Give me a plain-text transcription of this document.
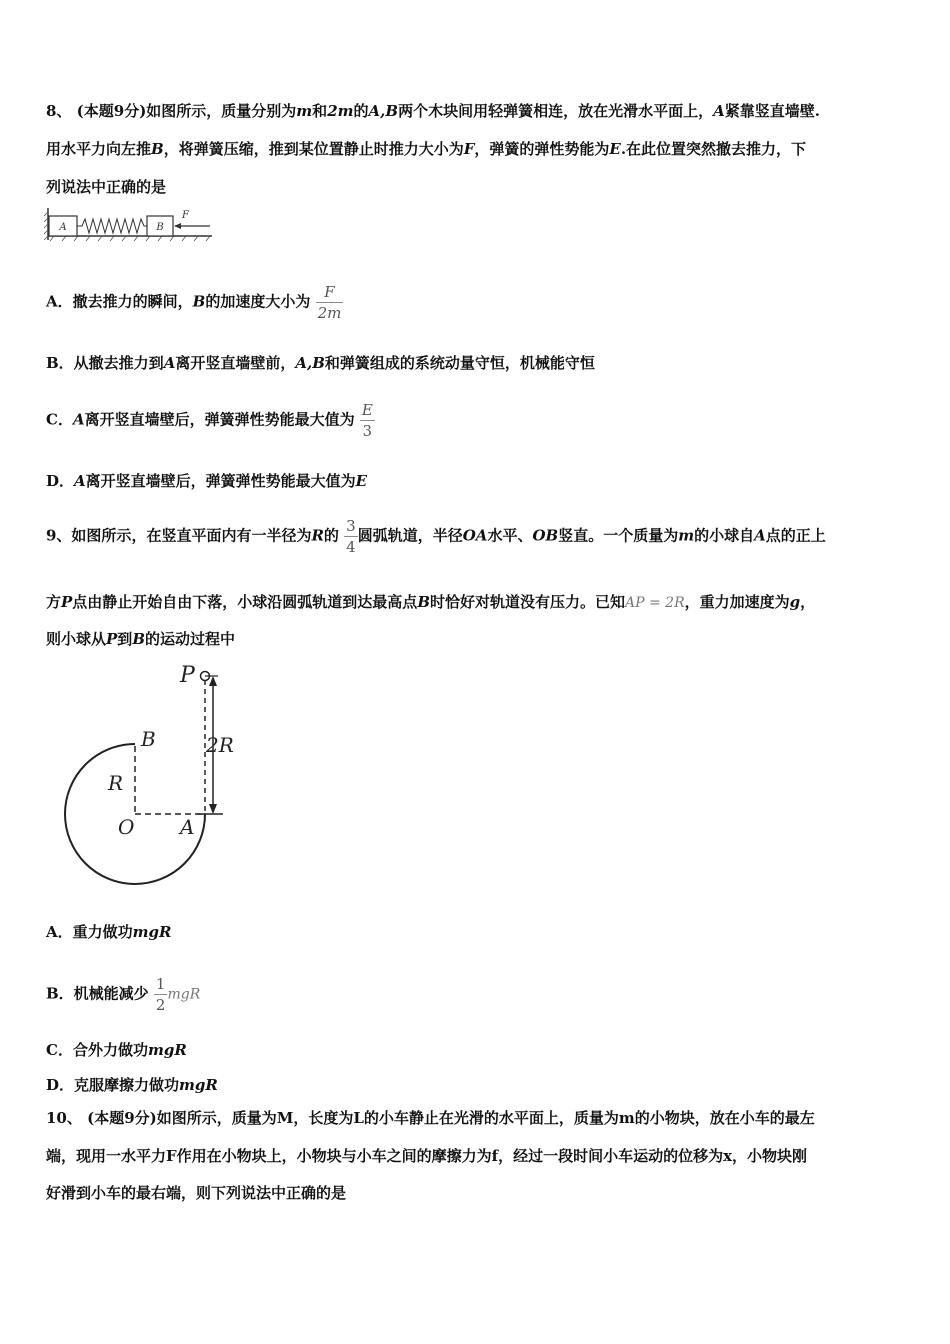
8、 (本题9分)如图所示，质量分别为m和2m的A,B两个木块间用轻弹簧相连，放在光滑水平面上，A紧靠竖直墙壁.
用水平力向左推B，将弹簧压缩，推到某位置静止时推力大小为F，弹簧的弹性势能为E.在此位置突然撤去推力，下
列说法中正确的是
A	B
F
A．撤去推力的瞬间，B的加速度大小为 $\frac{F}{2m}$
B．从撤去推力到A离开竖直墙壁前，A,B和弹簧组成的系统动量守恒，机械能守恒
C．A离开竖直墙壁后，弹簧弹性势能最大值为 $\frac{E}{3}$
D．A离开竖直墙壁后，弹簧弹性势能最大值为E
9、如图所示，在竖直平面内有一半径为R的 $\frac{3}{4}$ 圆弧轨道，半径OA水平、OB竖直。一个质量为m的小球自A点的正上
方P点由静止开始自由下落，小球沿圆弧轨道到达最高点B时恰好对轨道没有压力。已知AP = 2R，重力加速度为g，
则小球从P到B的运动过程中
P
B
R
O A
2R
A．重力做功mgR
B．机械能减少 $\frac{1}{2}$ mgR
C．合外力做功mgR
D．克服摩擦力做功mgR
10、 (本题9分)如图所示，质量为M，长度为L的小车静止在光滑的水平面上，质量为m的小物块，放在小车的最左
端，现用一水平力F作用在小物块上，小物块与小车之间的摩擦力为f，经过一段时间小车运动的位移为x，小物块刚
好滑到小车的最右端，则下列说法中正确的是
